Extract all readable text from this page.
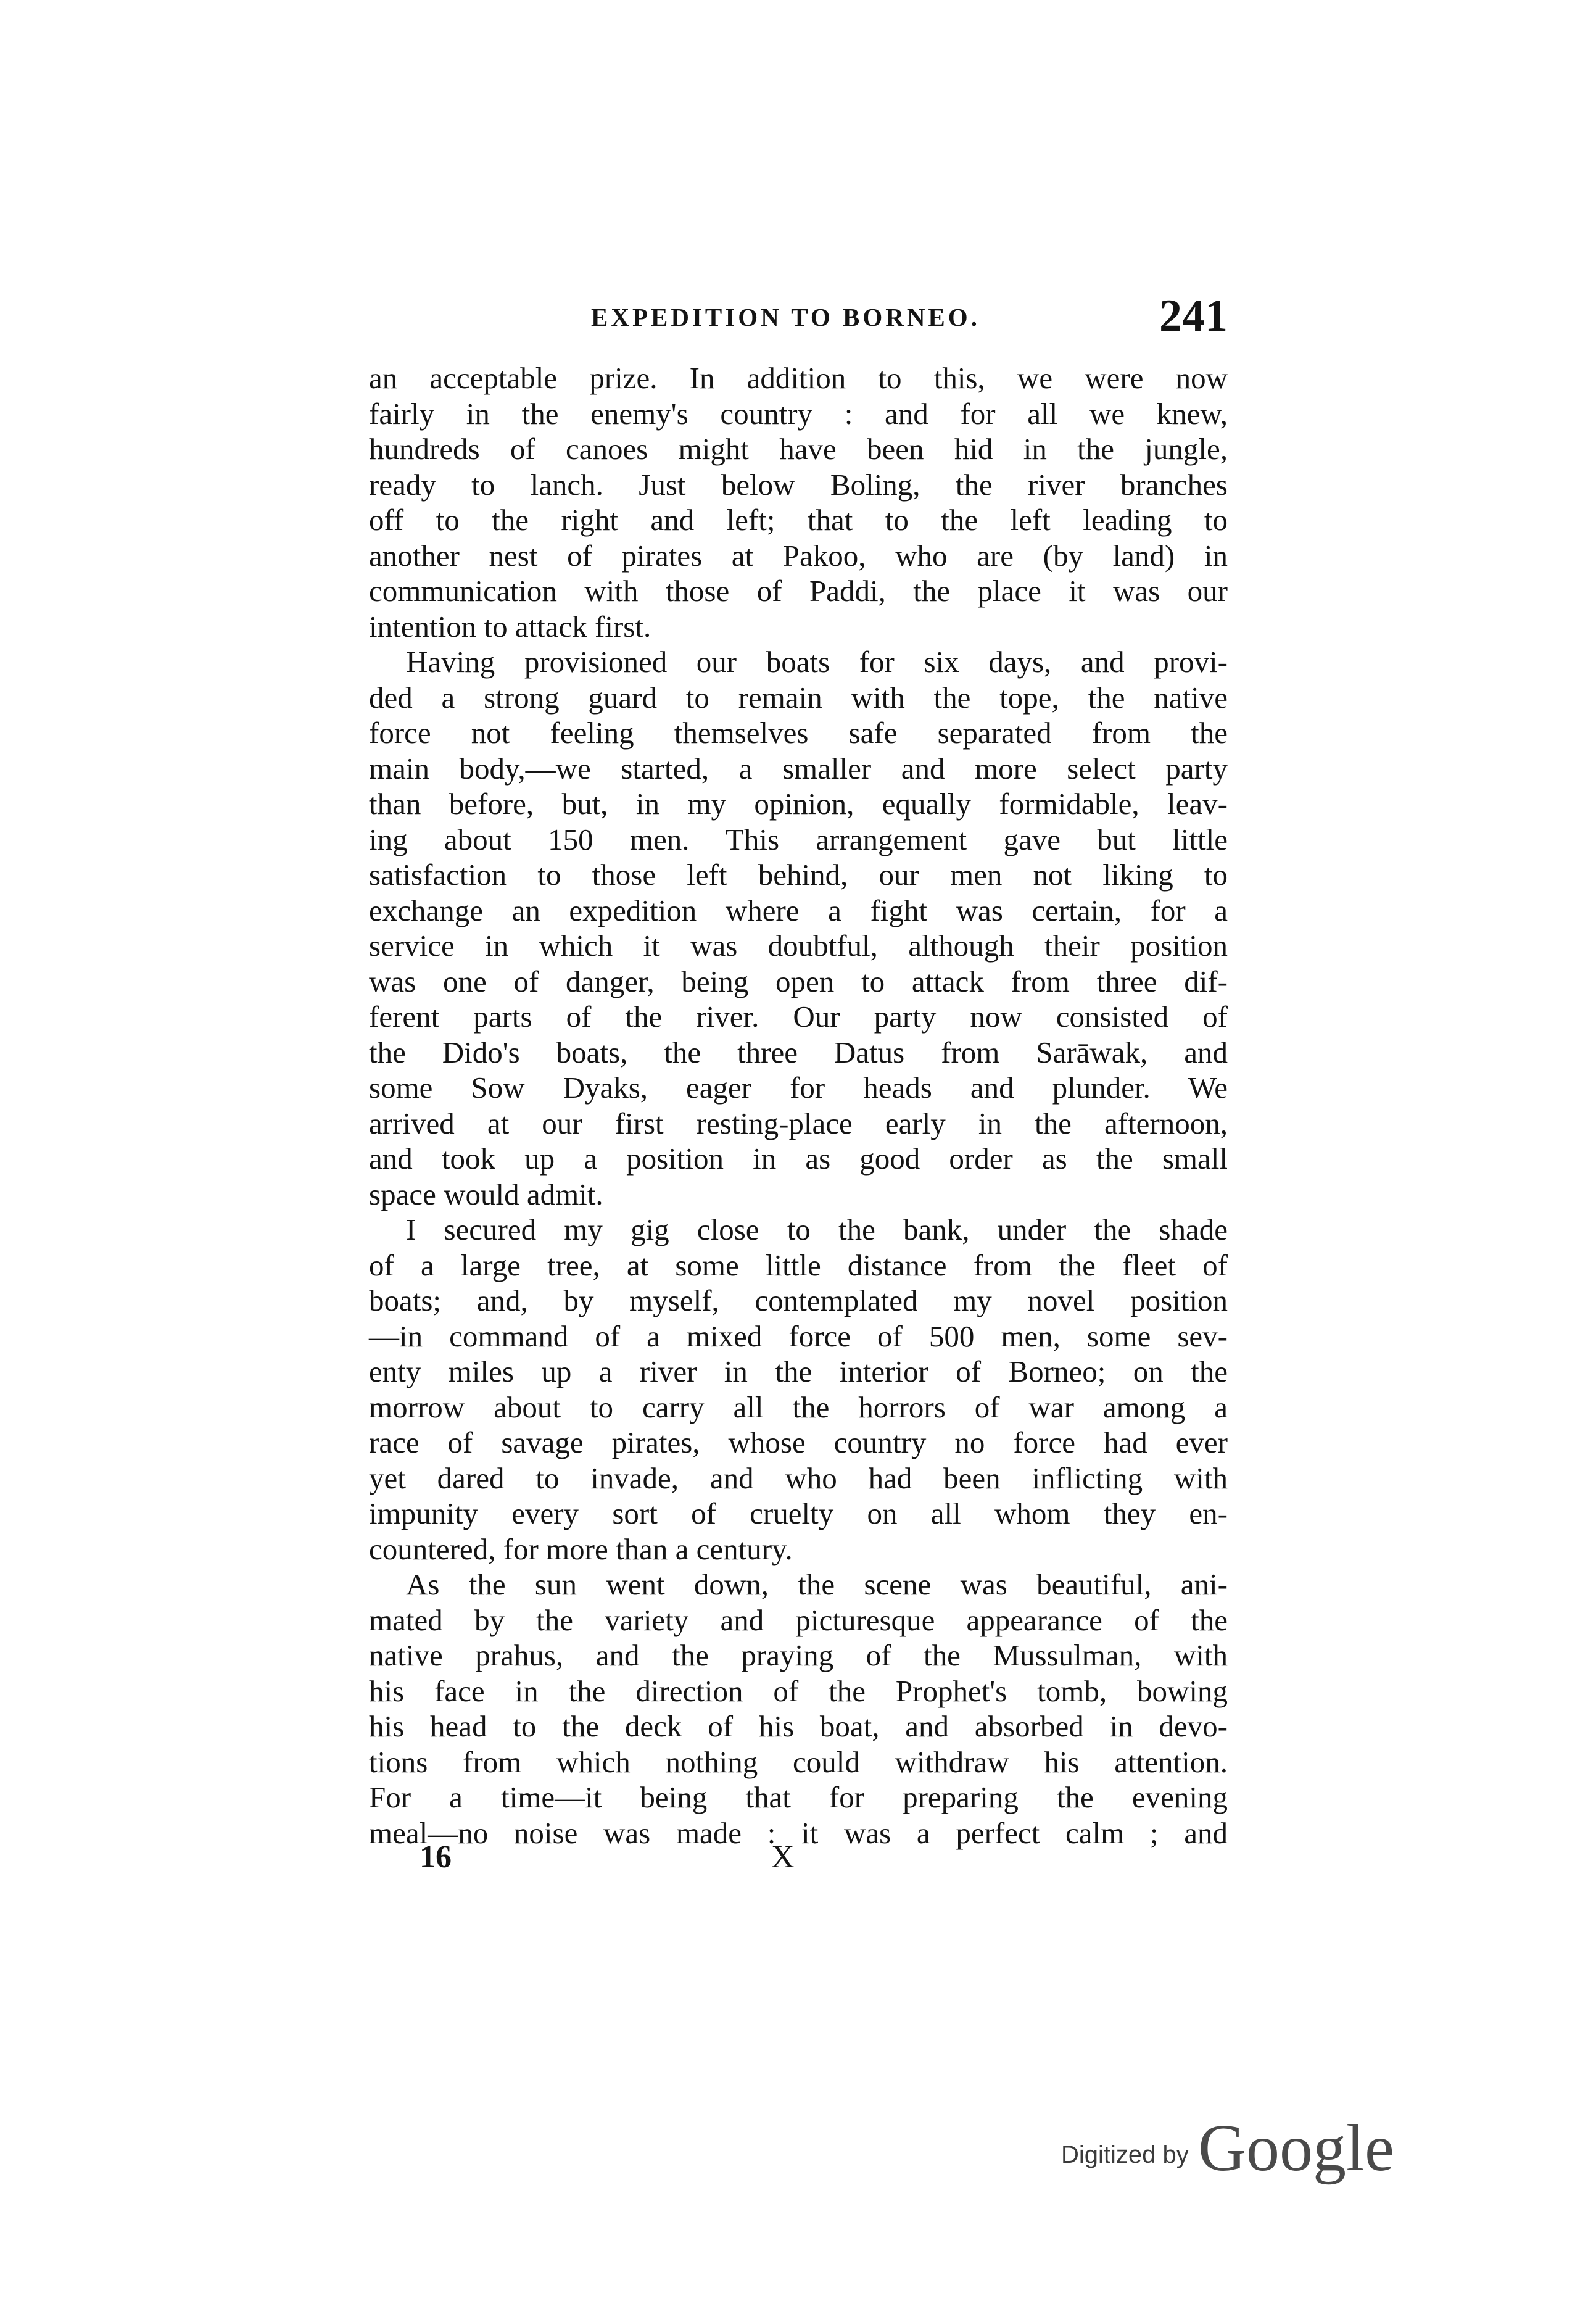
EXPEDITION TO BORNEO.	241
an acceptable prize. In addition to this, we were now
fairly in the enemy's country : and for all we knew,
hundreds of canoes might have been hid in the jungle,
ready to lanch. Just below Boling, the river branches
off to the right and left; that to the left leading to
another nest of pirates at Pakoo, who are (by land) in
communication with those of Paddi, the place it was our
intention to attack first.
Having provisioned our boats for six days, and provi-
ded a strong guard to remain with the tope, the native
force not feeling themselves safe separated from the
main body,—we started, a smaller and more select party
than before, but, in my opinion, equally formidable, leav-
ing about 150 men. This arrangement gave but little
satisfaction to those left behind, our men not liking to
exchange an expedition where a fight was certain, for a
service in which it was doubtful, although their position
was one of danger, being open to attack from three dif-
ferent parts of the river. Our party now consisted of
the Dido's boats, the three Datus from Sarāwak, and
some Sow Dyaks, eager for heads and plunder. We
arrived at our first resting-place early in the afternoon,
and took up a position in as good order as the small
space would admit.
I secured my gig close to the bank, under the shade
of a large tree, at some little distance from the fleet of
boats; and, by myself, contemplated my novel position
—in command of a mixed force of 500 men, some sev-
enty miles up a river in the interior of Borneo; on the
morrow about to carry all the horrors of war among a
race of savage pirates, whose country no force had ever
yet dared to invade, and who had been inflicting with
impunity every sort of cruelty on all whom they en-
countered, for more than a century.
As the sun went down, the scene was beautiful, ani-
mated by the variety and picturesque appearance of the
native prahus, and the praying of the Mussulman, with
his face in the direction of the Prophet's tomb, bowing
his head to the deck of his boat, and absorbed in devo-
tions from which nothing could withdraw his attention.
For a time—it being that for preparing the evening
meal—no noise was made : it was a perfect calm ; and
16	X
Digitized by Google
